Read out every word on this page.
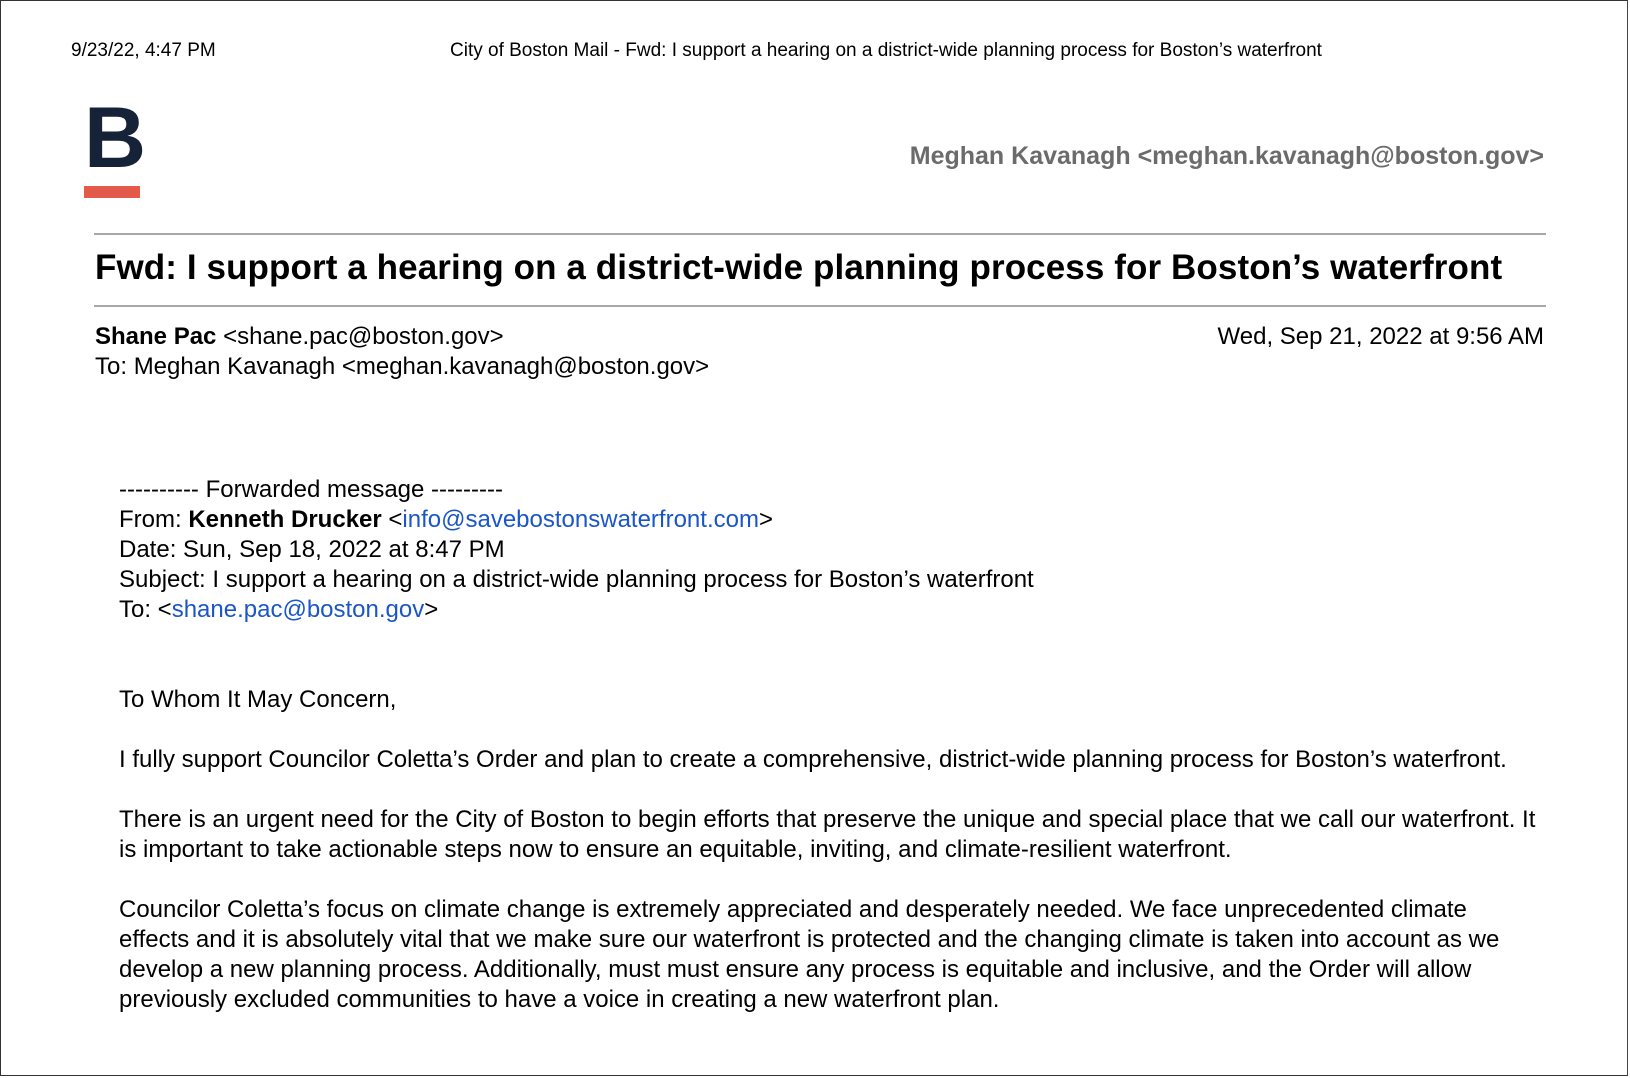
9/23/22, 4:47 PM	City of Boston Mail - Fwd: I support a hearing on a district-wide planning process for Boston’s waterfront
B	Meghan Kavanagh <meghan.kavanagh@boston.gov>
Fwd: I support a hearing on a district-wide planning process for Boston’s waterfront
Shane Pac <shane.pac@boston.gov>
To: Meghan Kavanagh <meghan.kavanagh@boston.gov>
Wed, Sep 21, 2022 at 9:56 AM

---------- Forwarded message ---------
From: Kenneth Drucker <info@savebostonswaterfront.com>
Date: Sun, Sep 18, 2022 at 8:47 PM
Subject: I support a hearing on a district-wide planning process for Boston’s waterfront
To: <shane.pac@boston.gov>

To Whom It May Concern,

I fully support Councilor Coletta’s Order and plan to create a comprehensive, district-wide planning process for Boston’s waterfront.

There is an urgent need for the City of Boston to begin efforts that preserve the unique and special place that we call our waterfront. It is important to take actionable steps now to ensure an equitable, inviting, and climate-resilient waterfront.

Councilor Coletta’s focus on climate change is extremely appreciated and desperately needed. We face unprecedented climate effects and it is absolutely vital that we make sure our waterfront is protected and the changing climate is taken into account as we develop a new planning process. Additionally, must must ensure any process is equitable and inclusive, and the Order will allow previously excluded communities to have a voice in creating a new waterfront plan.
